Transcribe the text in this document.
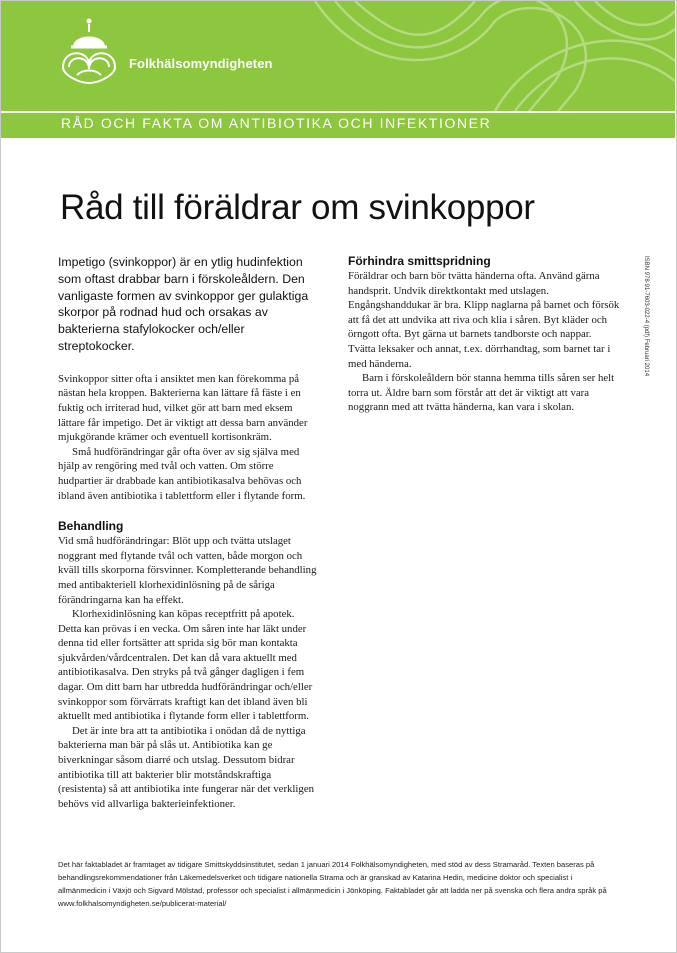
Folkhälsomyndigheten
RÅD OCH FAKTA OM ANTIBIOTIKA OCH INFEKTIONER
Råd till föräldrar om svinkoppor

Impetigo (svinkoppor) är en ytlig hudinfektion som oftast drabbar barn i förskoleåldern. Den vanligaste formen av svinkoppor ger gulaktiga skorpor på rodnad hud och orsakas av bakterierna stafylokocker och/eller streptokocker.

Svinkoppor sitter ofta i ansiktet men kan förekomma på nästan hela kroppen. Bakterierna kan lättare få fäste i en fuktig och irriterad hud, vilket gör att barn med eksem lättare får impetigo. Det är viktigt att dessa barn använder mjukgörande krämer och eventuell kortisonkräm.

Små hudförändringar går ofta över av sig själva med hjälp av rengöring med tvål och vatten. Om större hudpartier är drabbade kan antibiotikasalva behövas och ibland även antibiotika i tablettform eller i flytande form.

Behandling

Vid små hudförändringar: Blöt upp och tvätta utslaget noggrant med flytande tvål och vatten, både morgon och kväll tills skorporna försvinner. Kompletterande behandling med antibakteriell klorhexidinlösning på de såriga förändringarna kan ha effekt.

Klorhexidinlösning kan köpas receptfritt på apotek. Detta kan prövas i en vecka. Om såren inte har läkt under denna tid eller fortsätter att sprida sig bör man kontakta sjukvården/vårdcentralen. Det kan då vara aktuellt med antibiotikasalva. Den stryks på två gånger dagligen i fem dagar. Om ditt barn har utbredda hudförändringar och/eller svinkoppor som förvärrats kraftigt kan det ibland även bli aktuellt med antibiotika i flytande form eller i tablettform.

Det är inte bra att ta antibiotika i onödan då de nyttiga bakterierna man bär på slås ut. Antibiotika kan ge biverkningar såsom diarré och utslag. Dessutom bidrar antibiotika till att bakterier blir motståndskraftiga (resistenta) så att antibiotika inte fungerar när det verkligen behövs vid allvarliga bakterieinfektioner.

Förhindra smittspridning

Föräldrar och barn bör tvätta händerna ofta. Använd gärna handsprit. Undvik direktkontakt med utslagen. Engångshanddukar är bra. Klipp naglarna på barnet och försök att få det att undvika att riva och klia i såren. Byt kläder och örngott ofta. Byt gärna ut barnets tandborste och nappar. Tvätta leksaker och annat, t.ex. dörrhandtag, som barnet tar i med händerna.

Barn i förskoleåldern bör stanna hemma tills såren ser helt torra ut. Äldre barn som förstår att det är viktigt att vara noggrann med att tvätta händerna, kan vara i skolan.

ISBN 978-91-7603-022-4 (pdf) Februari 2014

Det här faktabladet är framtaget av tidigare Smittskyddsinstitutet, sedan 1 januari 2014 Folkhälsomyndigheten, med stöd av dess Stramaråd. Texten baseras på behandlingsrekommendationer från Läkemedelsverket och tidigare nationella Strama och är granskad av Katarina Hedin, medicine doktor och specialist i allmänmedicin i Växjö och Sigvard Mölstad, professor och specialist i allmänmedicin i Jönköping. Faktabladet går att ladda ner på svenska och flera andra språk på www.folkhalsomyndigheten.se/publicerat-material/
